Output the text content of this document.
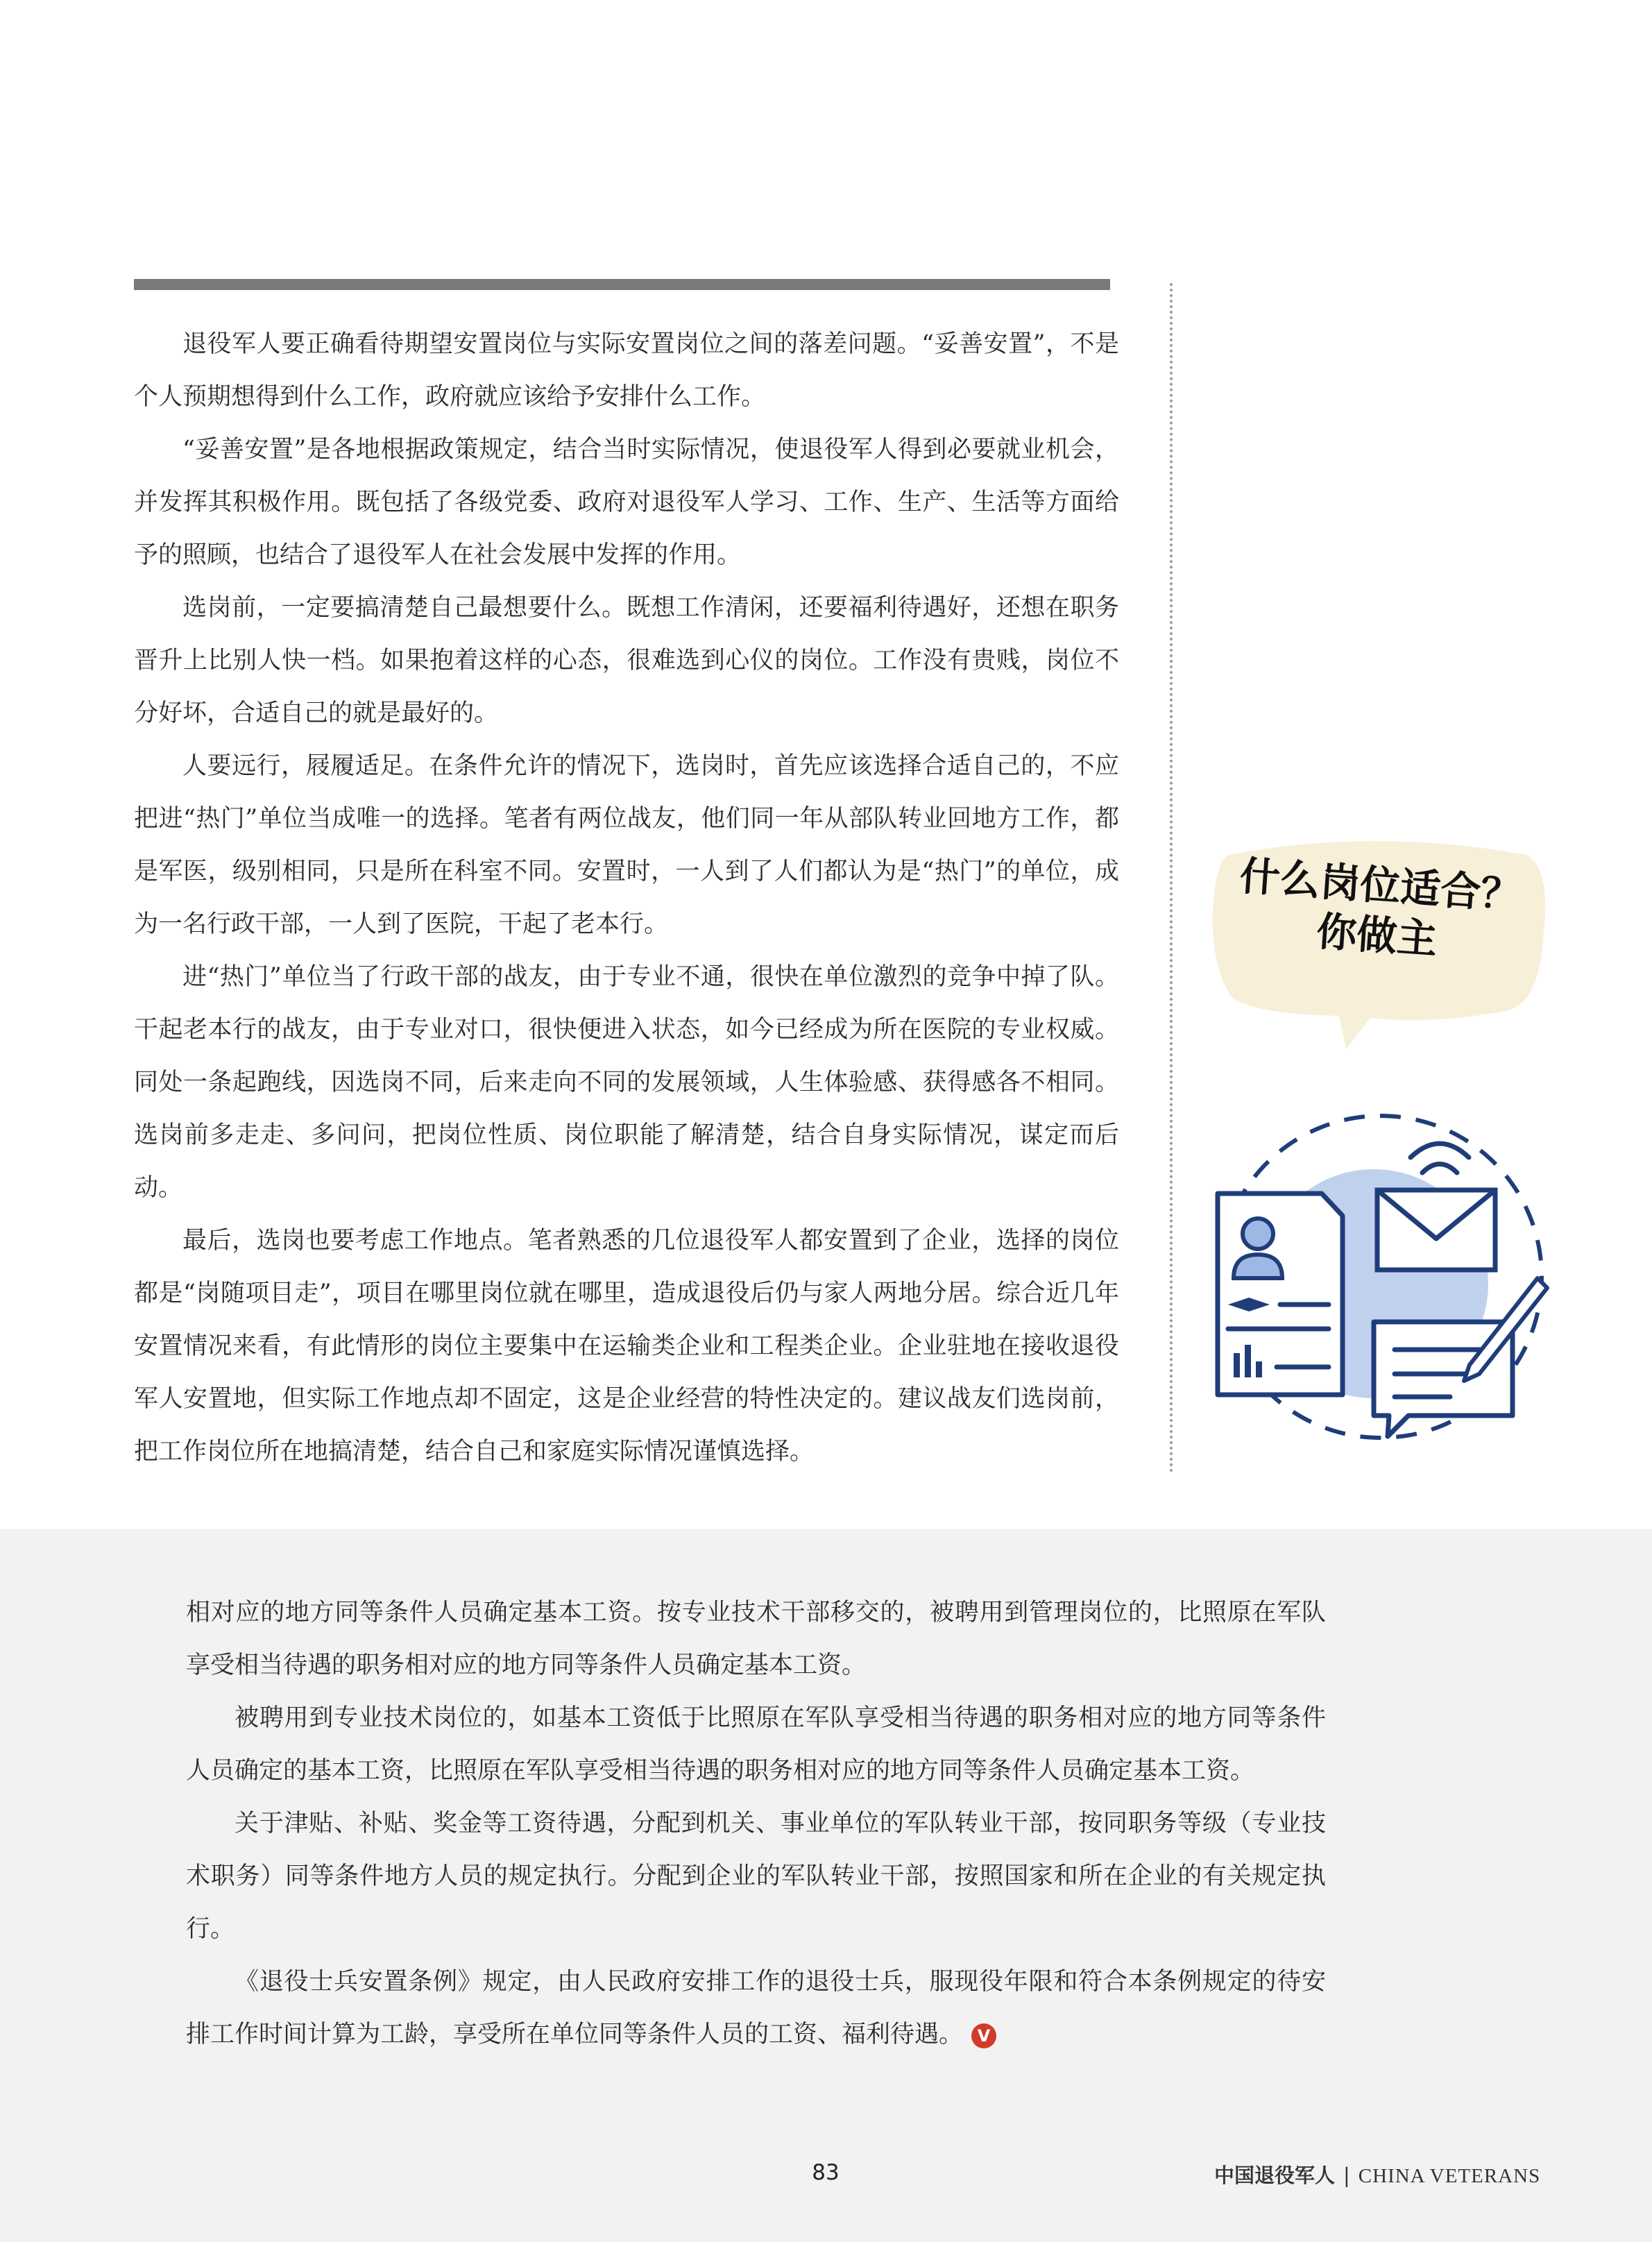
退役军人要正确看待期望安置岗位与实际安置岗位之间的落差问题。“妥善安置”，不是个人预期想得到什么工作，政府就应该给予安排什么工作。

“妥善安置”是各地根据政策规定，结合当时实际情况，使退役军人得到必要就业机会，并发挥其积极作用。既包括了各级党委、政府对退役军人学习、工作、生产、生活等方面给予的照顾，也结合了退役军人在社会发展中发挥的作用。

选岗前，一定要搞清楚自己最想要什么。既想工作清闲，还要福利待遇好，还想在职务晋升上比别人快一档。如果抱着这样的心态，很难选到心仪的岗位。工作没有贵贱，岗位不分好坏，合适自己的就是最好的。

人要远行，屐履适足。在条件允许的情况下，选岗时，首先应该选择合适自己的，不应把进“热门”单位当成唯一的选择。笔者有两位战友，他们同一年从部队转业回地方工作，都是军医，级别相同，只是所在科室不同。安置时，一人到了人们都认为是“热门”的单位，成为一名行政干部，一人到了医院，干起了老本行。

进“热门”单位当了行政干部的战友，由于专业不通，很快在单位激烈的竞争中掉了队。干起老本行的战友，由于专业对口，很快便进入状态，如今已经成为所在医院的专业权威。同处一条起跑线，因选岗不同，后来走向不同的发展领域，人生体验感、获得感各不相同。选岗前多走走、多问问，把岗位性质、岗位职能了解清楚，结合自身实际情况，谋定而后动。

最后，选岗也要考虑工作地点。笔者熟悉的几位退役军人都安置到了企业，选择的岗位都是“岗随项目走”，项目在哪里岗位就在哪里，造成退役后仍与家人两地分居。综合近几年安置情况来看，有此情形的岗位主要集中在运输类企业和工程类企业。企业驻地在接收退役军人安置地，但实际工作地点却不固定，这是企业经营的特性决定的。建议战友们选岗前，把工作岗位所在地搞清楚，结合自己和家庭实际情况谨慎选择。

什么岗位适合？
你做主

相对应的地方同等条件人员确定基本工资。按专业技术干部移交的，被聘用到管理岗位的，比照原在军队享受相当待遇的职务相对应的地方同等条件人员确定基本工资。

被聘用到专业技术岗位的，如基本工资低于比照原在军队享受相当待遇的职务相对应的地方同等条件人员确定的基本工资，比照原在军队享受相当待遇的职务相对应的地方同等条件人员确定基本工资。

关于津贴、补贴、奖金等工资待遇，分配到机关、事业单位的军队转业干部，按同职务等级（专业技术职务）同等条件地方人员的规定执行。分配到企业的军队转业干部，按照国家和所在企业的有关规定执行。

《退役士兵安置条例》规定，由人民政府安排工作的退役士兵，服现役年限和符合本条例规定的待安排工作时间计算为工龄，享受所在单位同等条件人员的工资、福利待遇。 V

83	中国退役军人 | CHINA VETERANS
